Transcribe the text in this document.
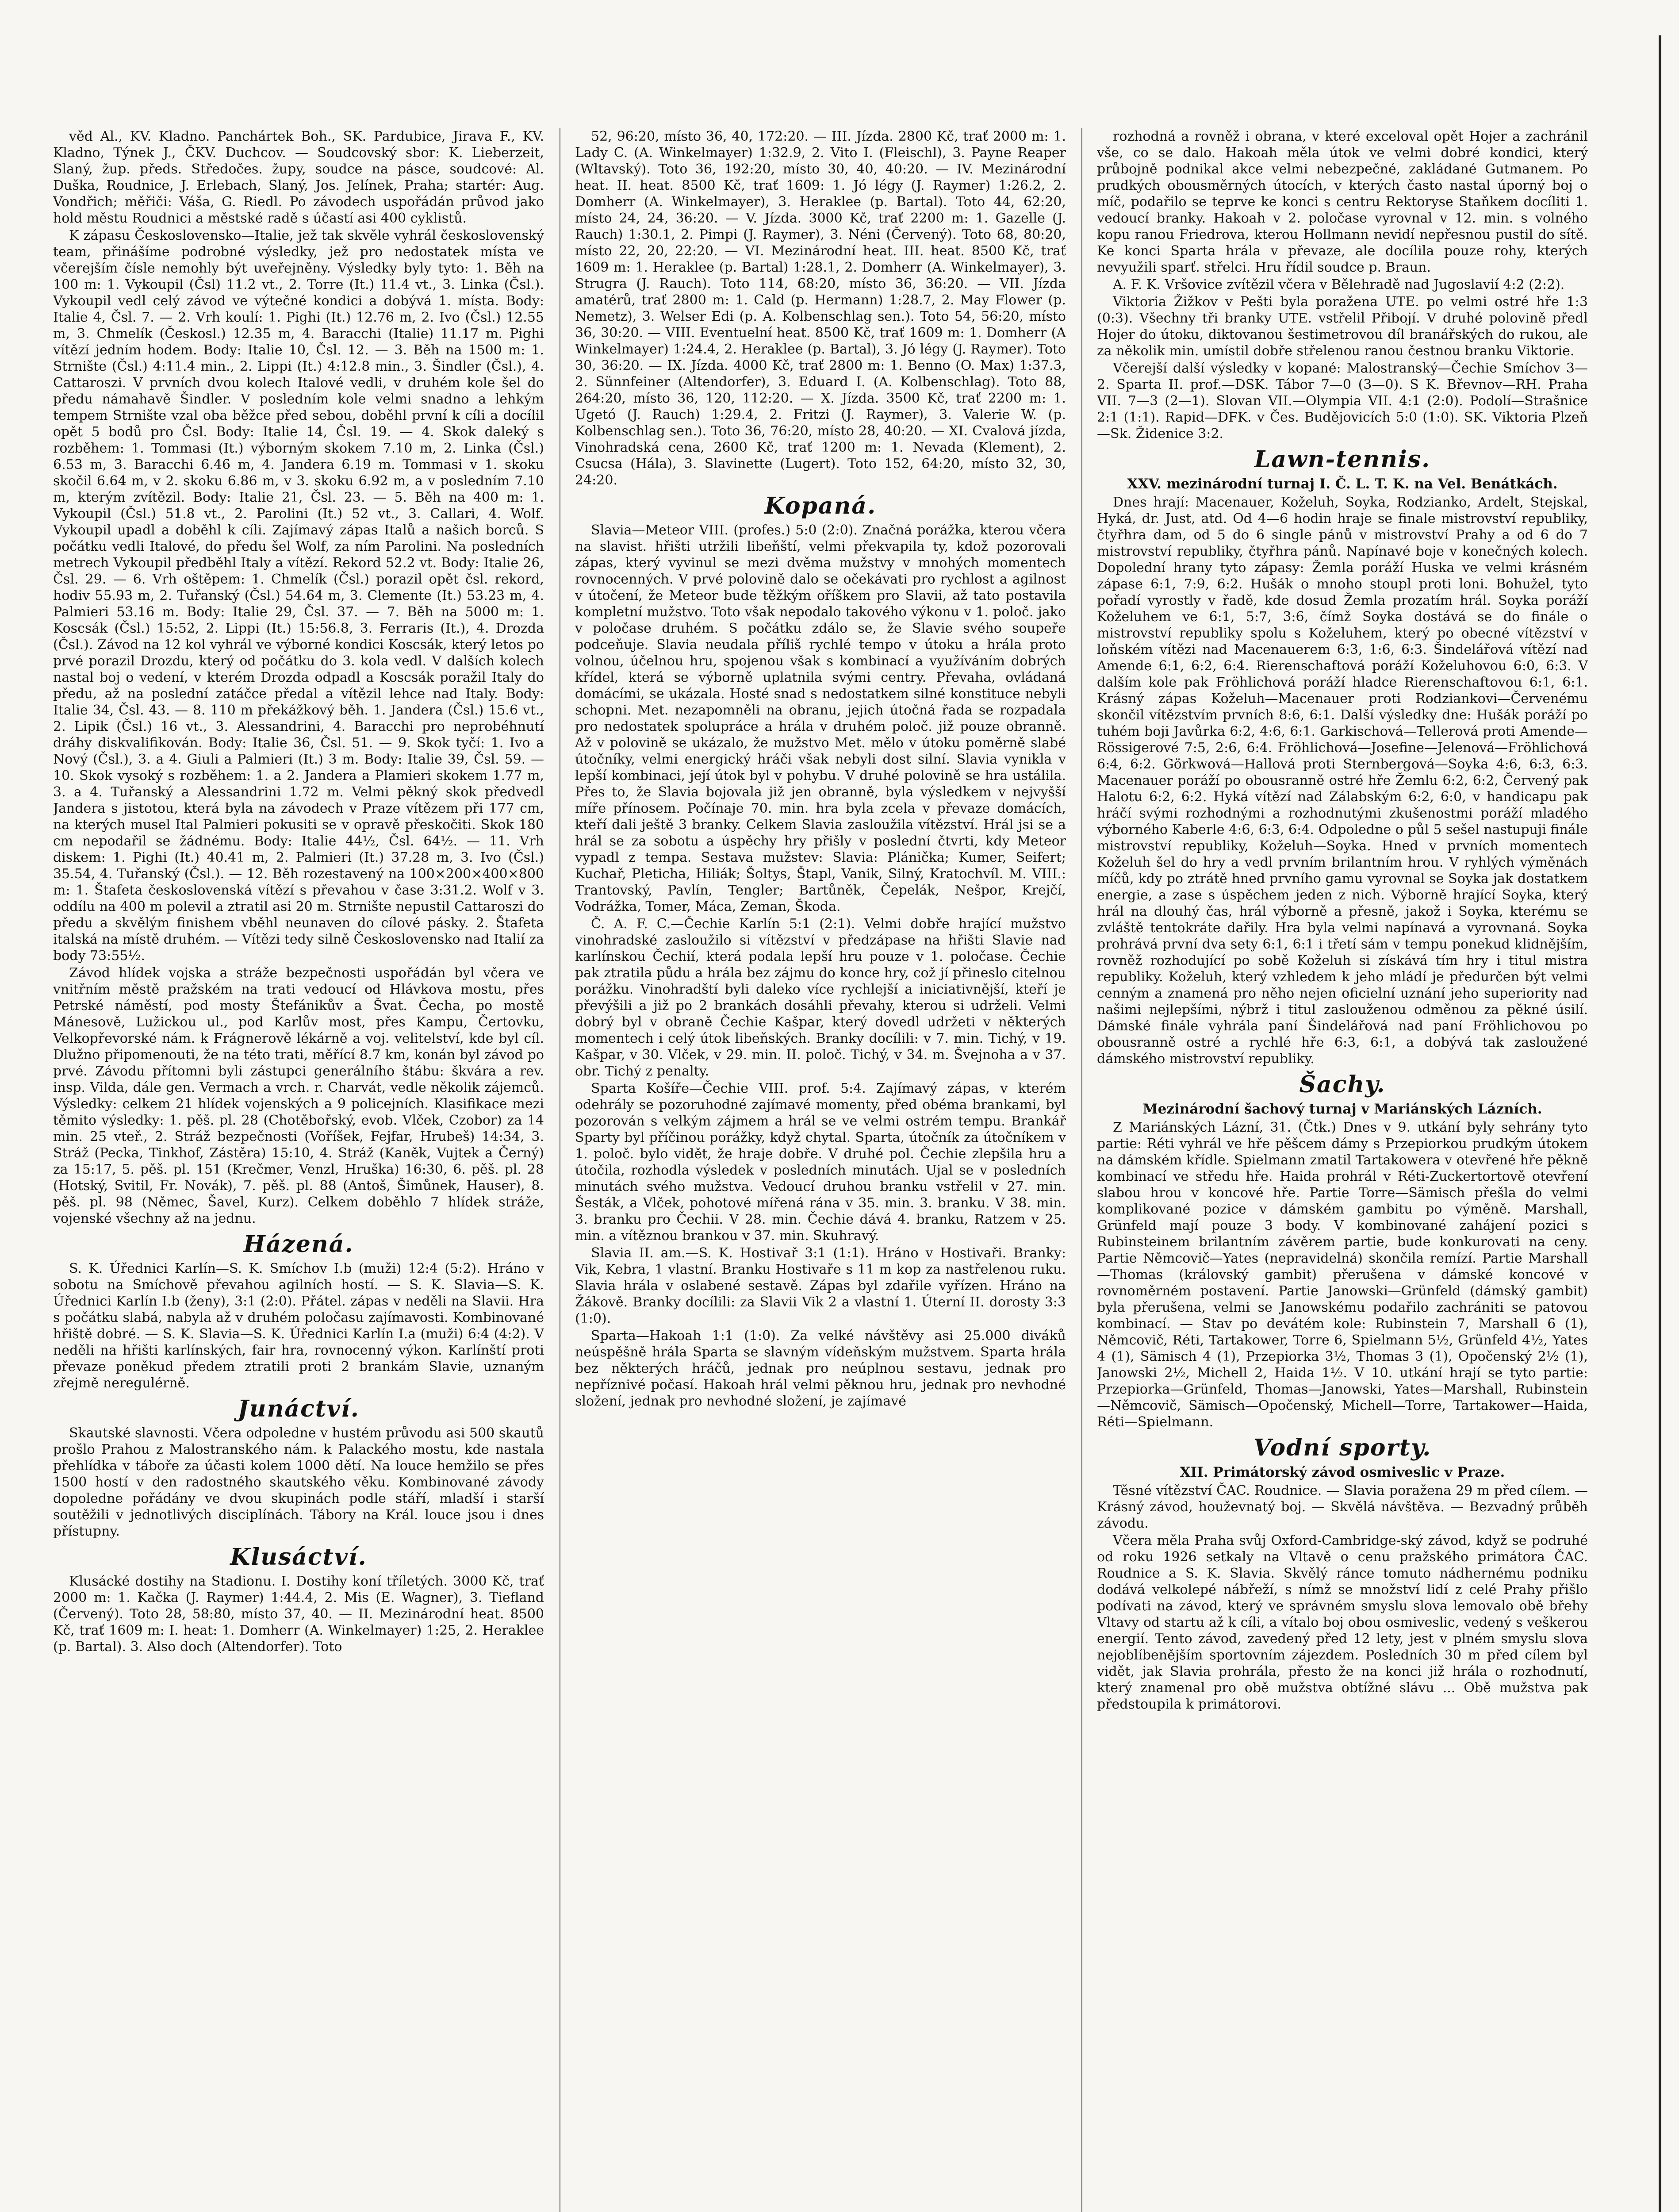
věd Al., KV. Kladno. Panchártek Boh., SK. Pardubice, Jirava F., KV. Kladno, Týnek J., ČKV. Duchcov. — Soudcovský sbor: K. Lieberzeit, Slaný, žup. předs. Středočes. župy, soudce na pásce, soudcové: Al. Duška, Roudnice, J. Erlebach, Slaný, Jos. Jelínek, Praha; startér: Aug. Vondřich; měřiči: Váša, G. Riedl. Po závodech uspořádán průvod jako hold městu Roudnici a městské radě s účastí asi 400 cyklistů.

K zápasu Československo—Italie, jež tak skvěle vyhrál československý team, přinášíme podrobné výsledky, jež pro nedostatek místa ve včerejším čísle nemohly být uveřejněny. Výsledky byly tyto: 1. Běh na 100 m: 1. Vykoupil (Čsl) 11.2 vt., 2. Torre (It.) 11.4 vt., 3. Linka (Čsl.). Vykoupil vedl celý závod ve výtečné kondici a dobývá 1. místa. Body: Italie 4, Čsl. 7. — 2. Vrh koulí: 1. Pighi (It.) 12.76 m, 2. Ivo (Čsl.) 12.55 m, 3. Chmelík (Českosl.) 12.35 m, 4. Baracchi (Italie) 11.17 m. Pighi vítězí jedním hodem. Body: Italie 10, Čsl. 12. — 3. Běh na 1500 m: 1. Strnište (Čsl.) 4:11.4 min., 2. Lippi (It.) 4:12.8 min., 3. Šindler (Čsl.), 4. Cattaroszi. V prvních dvou kolech Italové vedli, v druhém kole šel do předu námahavě Šindler. V posledním kole velmi snadno a lehkým tempem Strnište vzal oba běžce před sebou, doběhl první k cíli a docílil opět 5 bodů pro Čsl. Body: Italie 14, Čsl. 19. — 4. Skok daleký s rozběhem: 1. Tommasi (It.) výborným skokem 7.10 m, 2. Linka (Čsl.) 6.53 m, 3. Baracchi 6.46 m, 4. Jandera 6.19 m. Tommasi v 1. skoku skočil 6.64 m, v 2. skoku 6.86 m, v 3. skoku 6.92 m, a v posledním 7.10 m, kterým zvítězil. Body: Italie 21, Čsl. 23. — 5. Běh na 400 m: 1. Vykoupil (Čsl.) 51.8 vt., 2. Parolini (It.) 52 vt., 3. Callari, 4. Wolf. Vykoupil upadl a doběhl k cíli. Zajímavý zápas Italů a našich borců. S počátku vedli Italové, do předu šel Wolf, za ním Parolini. Na posledních metrech Vykoupil předběhl Italy a vítězí. Rekord 52.2 vt. Body: Italie 26, Čsl. 29. — 6. Vrh oštěpem: 1. Chmelík (Čsl.) porazil opět čsl. rekord, hodiv 55.93 m, 2. Tuřanský (Čsl.) 54.64 m, 3. Clemente (It.) 53.23 m, 4. Palmieri 53.16 m. Body: Italie 29, Čsl. 37. — 7. Běh na 5000 m: 1. Koscsák (Čsl.) 15:52, 2. Lippi (It.) 15:56.8, 3. Ferraris (It.), 4. Drozda (Čsl.). Závod na 12 kol vyhrál ve výborné kondici Koscsák, který letos po prvé porazil Drozdu, který od počátku do 3. kola vedl. V dalších kolech nastal boj o vedení, v kterém Drozda odpadl a Koscsák poražil Italy do předu, až na poslední zatáčce předal a vítězil lehce nad Italy. Body: Italie 34, Čsl. 43. — 8. 110 m překážkový běh. 1. Jandera (Čsl.) 15.6 vt., 2. Lipik (Čsl.) 16 vt., 3. Alessandrini, 4. Baracchi pro neprobéhnutí dráhy diskvalifikován. Body: Italie 36, Čsl. 51. — 9. Skok tyčí: 1. Ivo a Nový (Čsl.), 3. a 4. Giuli a Palmieri (It.) 3 m. Body: Italie 39, Čsl. 59. — 10. Skok vysoký s rozběhem: 1. a 2. Jandera a Plamieri skokem 1.77 m, 3. a 4. Tuřanský a Alessandrini 1.72 m. Velmi pěkný skok předvedl Jandera s jistotou, která byla na závodech v Praze vítězem při 177 cm, na kterých musel Ital Palmieri pokusiti se v opravě přeskočiti. Skok 180 cm nepodařil se žádnému. Body: Italie 44½, Čsl. 64½. — 11. Vrh diskem: 1. Pighi (It.) 40.41 m, 2. Palmieri (It.) 37.28 m, 3. Ivo (Čsl.) 35.54, 4. Tuřanský (Čsl.). — 12. Běh rozestavený na 100×200×400×800 m: 1. Štafeta československá vítězí s převahou v čase 3:31.2. Wolf v 3. oddílu na 400 m polevil a ztratil asi 20 m. Strnište nepustil Cattaroszi do předu a skvělým finishem vběhl neunaven do cílové pásky. 2. Štafeta italská na místě druhém. — Vítězi tedy silně Československo nad Italií za body 73:55½.

Závod hlídek vojska a stráže bezpečnosti uspořádán byl včera ve vnitřním městě pražském na trati vedoucí od Hlávkova mostu, přes Petrské náměstí, pod mosty Štefánikův a Švat. Čecha, po mostě Mánesově, Lužickou ul., pod Karlův most, přes Kampu, Čertovku, Velkopřevorské nám. k Frágnerově lékárně a voj. velitelství, kde byl cíl. Dlužno připomenouti, že na této trati, měřící 8.7 km, konán byl závod po prvé. Závodu přítomni byli zástupci generálního štábu: škvára a rev. insp. Vilda, dále gen. Vermach a vrch. r. Charvát, vedle několik zájemců. Výsledky: celkem 21 hlídek vojenských a 9 policejních. Klasifikace mezi těmito výsledky: 1. pěš. pl. 28 (Chotěbořský, evob. Vlček, Czobor) za 14 min. 25 vteř., 2. Stráž bezpečnosti (Voříšek, Fejfar, Hrubeš) 14:34, 3. Stráž (Pecka, Tinkhof, Zástěra) 15:10, 4. Stráž (Kaněk, Vujtek a Černý) za 15:17, 5. pěš. pl. 151 (Krečmer, Venzl, Hruška) 16:30, 6. pěš. pl. 28 (Hotský, Svitil, Fr. Novák), 7. pěš. pl. 88 (Antoš, Šimůnek, Hauser), 8. pěš. pl. 98 (Němec, Šavel, Kurz). Celkem doběhlo 7 hlídek stráže, vojenské všechny až na jednu.

Házená.

S. K. Úřednici Karlín—S. K. Smíchov I.b (muži) 12:4 (5:2). Hráno v sobotu na Smíchově převahou agilních hostí. — S. K. Slavia—S. K. Úřednici Karlín I.b (ženy), 3:1 (2:0). Přátel. zápas v neděli na Slavii. Hra s počátku slabá, nabyla až v druhém poločasu zajímavosti. Kombinované hřiště dobré. — S. K. Slavia—S. K. Úřednici Karlín I.a (muži) 6:4 (4:2). V neděli na hřišti karlínských, fair hra, rovnocenný výkon. Karlínští proti převaze poněkud předem ztratili proti 2 brankám Slavie, uznaným zřejmě neregulérně.

Junáctví.

Skautské slavnosti. Včera odpoledne v hustém průvodu asi 500 skautů prošlo Prahou z Malostranského nám. k Palackého mostu, kde nastala přehlídka v táboře za účasti kolem 1000 dětí. Na louce hemžilo se přes 1500 hostí v den radostného skautského věku. Kombinované závody dopoledne pořádány ve dvou skupinách podle stáří, mladší i starší soutěžili v jednotlivých disciplínách. Tábory na Král. louce jsou i dnes přístupny.

Klusáctví.

Klusácké dostihy na Stadionu. I. Dostihy koní tříletých. 3000 Kč, trať 2000 m: 1. Kačka (J. Raymer) 1:44.4, 2. Mis (E. Wagner), 3. Tiefland (Červený). Toto 28, 58:80, místo 37, 40. — II. Mezinárodní heat. 8500 Kč, trať 1609 m: I. heat: 1. Domherr (A. Winkelmayer) 1:25, 2. Heraklee (p. Bartal). 3. Also doch (Altendorfer). Toto

52, 96:20, místo 36, 40, 172:20. — III. Jízda. 2800 Kč, trať 2000 m: 1. Lady C. (A. Winkelmayer) 1:32.9, 2. Vito I. (Fleischl), 3. Payne Reaper (Wltavský). Toto 36, 192:20, místo 30, 40, 40:20. — IV. Mezinárodní heat. II. heat. 8500 Kč, trať 1609: 1. Jó légy (J. Raymer) 1:26.2, 2. Domherr (A. Winkelmayer), 3. Heraklee (p. Bartal). Toto 44, 62:20, místo 24, 24, 36:20. — V. Jízda. 3000 Kč, trať 2200 m: 1. Gazelle (J. Rauch) 1:30.1, 2. Pimpi (J. Raymer), 3. Néni (Červený). Toto 68, 80:20, místo 22, 20, 22:20. — VI. Mezinárodní heat. III. heat. 8500 Kč, trať 1609 m: 1. Heraklee (p. Bartal) 1:28.1, 2. Domherr (A. Winkelmayer), 3. Strugra (J. Rauch). Toto 114, 68:20, místo 36, 36:20. — VII. Jízda amatérů, trať 2800 m: 1. Cald (p. Hermann) 1:28.7, 2. May Flower (p. Nemetz), 3. Welser Edi (p. A. Kolbenschlag sen.). Toto 54, 56:20, místo 36, 30:20. — VIII. Eventuelní heat. 8500 Kč, trať 1609 m: 1. Domherr (A Winkelmayer) 1:24.4, 2. Heraklee (p. Bartal), 3. Jó légy (J. Raymer). Toto 30, 36:20. — IX. Jízda. 4000 Kč, trať 2800 m: 1. Benno (O. Max) 1:37.3, 2. Sünnfeiner (Altendorfer), 3. Eduard I. (A. Kolbenschlag). Toto 88, 264:20, místo 36, 120, 112:20. — X. Jízda. 3500 Kč, trať 2200 m: 1. Ugetó (J. Rauch) 1:29.4, 2. Fritzi (J. Raymer), 3. Valerie W. (p. Kolbenschlag sen.). Toto 36, 76:20, místo 28, 40:20. — XI. Cvalová jízda, Vinohradská cena, 2600 Kč, trať 1200 m: 1. Nevada (Klement), 2. Csucsa (Hála), 3. Slavinette (Lugert). Toto 152, 64:20, místo 32, 30, 24:20.

Kopaná.

Slavia—Meteor VIII. (profes.) 5:0 (2:0). Značná porážka, kterou včera na slavist. hřišti utržili libeňští, velmi překvapila ty, kdož pozorovali zápas, který vyvinul se mezi dvěma mužstvy v mnohých momentech rovnocenných. V prvé polovině dalo se očekávati pro rychlost a agilnost v útočení, že Meteor bude těžkým oříškem pro Slavii, až tato postavila kompletní mužstvo. Toto však nepodalo takového výkonu v 1. poloč. jako v poločase druhém. S počátku zdálo se, že Slavie svého soupeře podceňuje. Slavia neudala příliš rychlé tempo v útoku a hrála proto volnou, účelnou hru, spojenou však s kombinací a využíváním dobrých křídel, která se výborně uplatnila svými centry. Převaha, ovládaná domácími, se ukázala. Hosté snad s nedostatkem silné konstituce nebyli schopni. Met. nezapomněli na obranu, jejich útočná řada se rozpadala pro nedostatek spolupráce a hrála v druhém poloč. již pouze obranně. Až v polovině se ukázalo, že mužstvo Met. mělo v útoku poměrně slabé útočníky, velmi energický hráči však nebyli dost silní. Slavia vynikla v lepší kombinaci, její útok byl v pohybu. V druhé polovině se hra ustálila. Přes to, že Slavia bojovala již jen obranně, byla výsledkem v nejvyšší míře přínosem. Počínaje 70. min. hra byla zcela v převaze domácích, kteří dali ještě 3 branky. Celkem Slavia zasloužila vítězství. Hrál jsi se a hrál se za sobotu a úspěchy hry přišly v poslední čtvrti, kdy Meteor vypadl z tempa. Sestava mužstev: Slavia: Plánička; Kumer, Seifert; Kuchař, Pleticha, Hiliák; Šoltys, Štapl, Vanik, Silný, Kratochvíl. M. VIII.: Trantovský, Pavlín, Tengler; Bartůněk, Čepelák, Nešpor, Krejčí, Vodrážka, Tomer, Máca, Zeman, Škoda.

Č. A. F. C.—Čechie Karlín 5:1 (2:1). Velmi dobře hrající mužstvo vinohradské zasloužilo si vítězství v předzápase na hřišti Slavie nad karlínskou Čechií, která podala lepší hru pouze v 1. poločase. Čechie pak ztratila půdu a hrála bez zájmu do konce hry, což jí přineslo citelnou porážku. Vinohradští byli daleko více rychlejší a iniciativnější, kteří je převýšili a již po 2 brankách dosáhli převahy, kterou si udrželi. Velmi dobrý byl v obraně Čechie Kašpar, který dovedl udržeti v některých momentech i celý útok libeňských. Branky docílili: v 7. min. Tichý, v 19. Kašpar, v 30. Vlček, v 29. min. II. poloč. Tichý, v 34. m. Švejnoha a v 37. obr. Tichý z penalty.

Sparta Košíře—Čechie VIII. prof. 5:4. Zajímavý zápas, v kterém odehrály se pozoruhodné zajímavé momenty, před obéma brankami, byl pozorován s velkým zájmem a hrál se ve velmi ostrém tempu. Brankář Sparty byl příčinou porážky, když chytal. Sparta, útočník za útočníkem v 1. poloč. bylo vidět, že hraje dobře. V druhé pol. Čechie zlepšila hru a útočila, rozhodla výsledek v posledních minutách. Ujal se v posledních minutách svého mužstva. Vedoucí druhou branku vstřelil v 27. min. Šesták, a Vlček, pohotové mířená rána v 35. min. 3. branku. V 38. min. 3. branku pro Čechii. V 28. min. Čechie dává 4. branku, Ratzem v 25. min. a vítěznou brankou v 37. min. Skuhravý.

Slavia II. am.—S. K. Hostivař 3:1 (1:1). Hráno v Hostivaři. Branky: Vik, Kebra, 1 vlastní. Branku Hostivaře s 11 m kop za nastřelenou ruku. Slavia hrála v oslabené sestavě. Zápas byl zdařile vyřízen. Hráno na Žákově. Branky docílili: za Slavii Vik 2 a vlastní 1. Úterní II. dorosty 3:3 (1:0).

Sparta—Hakoah 1:1 (1:0). Za velké návštěvy asi 25.000 diváků neúspěšně hrála Sparta se slavným vídeňským mužstvem. Sparta hrála bez některých hráčů, jednak pro neúplnou sestavu, jednak pro nepříznivé počasí. Hakoah hrál velmi pěknou hru, jednak pro nevhodné složení, jednak pro nevhodné složení, je zajímavé

rozhodná a rovněž i obrana, v které exceloval opět Hojer a zachránil vše, co se dalo. Hakoah měla útok ve velmi dobré kondici, který průbojně podnikal akce velmi nebezpečné, zakládané Gutmanem. Po prudkých obousměrných útocích, v kterých často nastal úporný boj o míč, podařilo se teprve ke konci s centru Rektoryse Staňkem docíliti 1. vedoucí branky. Hakoah v 2. poločase vyrovnal v 12. min. s volného kopu ranou Friedrova, kterou Hollmann nevidí nepřesnou pustil do sítě. Ke konci Sparta hrála v převaze, ale docílila pouze rohy, kterých nevyužili sparť. střelci. Hru řídil soudce p. Braun.

A. F. K. Vršovice zvítězil včera v Bělehradě nad Jugoslavií 4:2 (2:2).

Viktoria Žižkov v Pešti byla poražena UTE. po velmi ostré hře 1:3 (0:3). Všechny tři branky UTE. vstřelil Přibojí. V druhé polovině předl Hojer do útoku, diktovanou šestimetrovou díl branářských do rukou, ale za několik min. umístil dobře střelenou ranou čestnou branku Viktorie.

Včerejší další výsledky v kopané: Malostranský—Čechie Smíchov 3—2. Sparta II. prof.—DSK. Tábor 7—0 (3—0). S K. Břevnov—RH. Praha VII. 7—3 (2—1). Slovan VII.—Olympia VII. 4:1 (2:0). Podolí—Strašnice 2:1 (1:1). Rapid—DFK. v Čes. Budějovicích 5:0 (1:0). SK. Viktoria Plzeň—Sk. Židenice 3:2.

Lawn-tennis.
XXV. mezinárodní turnaj I. Č. L. T. K. na Vel. Benátkách.

Dnes hrají: Macenauer, Koželuh, Soyka, Rodzianko, Ardelt, Stejskal, Hyká, dr. Just, atd. Od 4—6 hodin hraje se finale mistrovství republiky, čtyřhra dam, od 5 do 6 single pánů v mistrovství Prahy a od 6 do 7 mistrovství republiky, čtyřhra pánů. Napínavé boje v konečných kolech. Dopolední hrany tyto zápasy: Žemla poráží Huska ve velmi krásném zápase 6:1, 7:9, 6:2. Hušák o mnoho stoupl proti loni. Bohužel, tyto pořadí vyrostly v řadě, kde dosud Žemla prozatím hrál. Soyka poráží Koželuhem ve 6:1, 5:7, 3:6, čímž Soyka dostává se do finále o mistrovství republiky spolu s Koželuhem, který po obecné vítězství v loňském vítězi nad Macenauerem 6:3, 1:6, 6:3. Šindelářová vítězí nad Amende 6:1, 6:2, 6:4. Rierenschaftová poráží Koželuhovou 6:0, 6:3. V dalším kole pak Fröhlichová poráží hladce Rierenschaftovou 6:1, 6:1. Krásný zápas Koželuh—Macenauer proti Rodziankovi—Červenému skončil vítězstvím prvních 8:6, 6:1. Další výsledky dne: Hušák poráží po tuhém boji Javůrka 6:2, 4:6, 6:1. Garkischová—Tellerová proti Amende—Rössigerové 7:5, 2:6, 6:4. Fröhlichová—Josefine—Jelenová—Fröhlichová 6:4, 6:2. Görkwová—Hallová proti Sternbergová—Soyka 4:6, 6:3, 6:3. Macenauer poráží po obousranně ostré hře Žemlu 6:2, 6:2, Červený pak Halotu 6:2, 6:2. Hyká vítězí nad Zálabským 6:2, 6:0, v handicapu pak hráčí svými rozhodnými a rozhodnutými zkušenostmi poráží mladého výborného Kaberle 4:6, 6:3, 6:4. Odpoledne o půl 5 sešel nastupuji finále mistrovství republiky, Koželuh—Soyka. Hned v prvních momentech Koželuh šel do hry a vedl prvním brilantním hrou. V ryhlých výměnách míčů, kdy po ztrátě hned prvního gamu vyrovnal se Soyka jak dostatkem energie, a zase s úspěchem jeden z nich. Výborně hrající Soyka, který hrál na dlouhý čas, hrál výborně a přesně, jakož i Soyka, kterému se zvláště tentokráte dařily. Hra byla velmi napínavá a vyrovnaná. Soyka prohrává první dva sety 6:1, 6:1 i třetí sám v tempu ponekud klidnějším, rovněž rozhodující po sobě Koželuh si získává tím hry i titul mistra republiky. Koželuh, který vzhledem k jeho mládí je předurčen být velmi cenným a znamená pro něho nejen oficielní uznání jeho superiority nad našimi nejlepšími, nýbrž i titul zaslouženou odměnou za pěkné úsilí. Dámské finále vyhrála paní Šindelářová nad paní Fröhlichovou po obousranně ostré a rychlé hře 6:3, 6:1, a dobývá tak zasloužené dámského mistrovství republiky.

Šachy.
Mezinárodní šachový turnaj v Mariánských Lázních.

Z Mariánských Lázní, 31. (Čtk.) Dnes v 9. utkání byly sehrány tyto partie: Réti vyhrál ve hře pěšcem dámy s Przepiorkou prudkým útokem na dámském křídle. Spielmann zmatil Tartakowera v otevřené hře pěkně kombinací ve středu hře. Haida prohrál v Réti-Zuckertortově otevření slabou hrou v koncové hře. Partie Torre—Sämisch přešla do velmi komplikované pozice v dámském gambitu po výměně. Marshall, Grünfeld mají pouze 3 body. V kombinované zahájení pozici s Rubinsteinem brilantním závěrem partie, bude konkurovati na ceny. Partie Němcovič—Yates (nepravidelná) skončila remízí. Partie Marshall—Thomas (královský gambit) přerušena v dámské koncové v rovnoměrném postavení. Partie Janowski—Grünfeld (dámský gambit) byla přerušena, velmi se Janowskému podařilo zachrániti se patovou kombinací. — Stav po devátém kole: Rubinstein 7, Marshall 6 (1), Němcovič, Réti, Tartakower, Torre 6, Spielmann 5½, Grünfeld 4½, Yates 4 (1), Sämisch 4 (1), Przepiorka 3½, Thomas 3 (1), Opočenský 2½ (1), Janowski 2½, Michell 2, Haida 1½. V 10. utkání hrají se tyto partie: Przepiorka—Grünfeld, Thomas—Janowski, Yates—Marshall, Rubinstein—Němcovič, Sämisch—Opočenský, Michell—Torre, Tartakower—Haida, Réti—Spielmann.

Vodní sporty.
XII. Primátorský závod osmiveslic v Praze.

Těsné vítězství ČAC. Roudnice. — Slavia poražena 29 m před cílem. — Krásný závod, houževnatý boj. — Skvělá návštěva. — Bezvadný průběh závodu.

Včera měla Praha svůj Oxford-Cambridge-ský závod, když se podruhé od roku 1926 setkaly na Vltavě o cenu pražského primátora ČAC. Roudnice a S. K. Slavia. Skvělý ránce tomuto nádhernému podniku dodává velkolepé nábřeží, s nímž se množství lidí z celé Prahy přišlo podívati na závod, který ve správném smyslu slova lemovalo obě břehy Vltavy od startu až k cíli, a vítalo boj obou osmiveslic, vedený s veškerou energií. Tento závod, zavedený před 12 lety, jest v plném smyslu slova nejoblíbenějším sportovním zájezdem. Posledních 30 m před cílem byl vidět, jak Slavia prohrála, přesto že na konci již hrála o rozhodnutí, který znamenal pro obě mužstva obtížné slávu ... Obě mužstva pak předstoupila k primátorovi.
